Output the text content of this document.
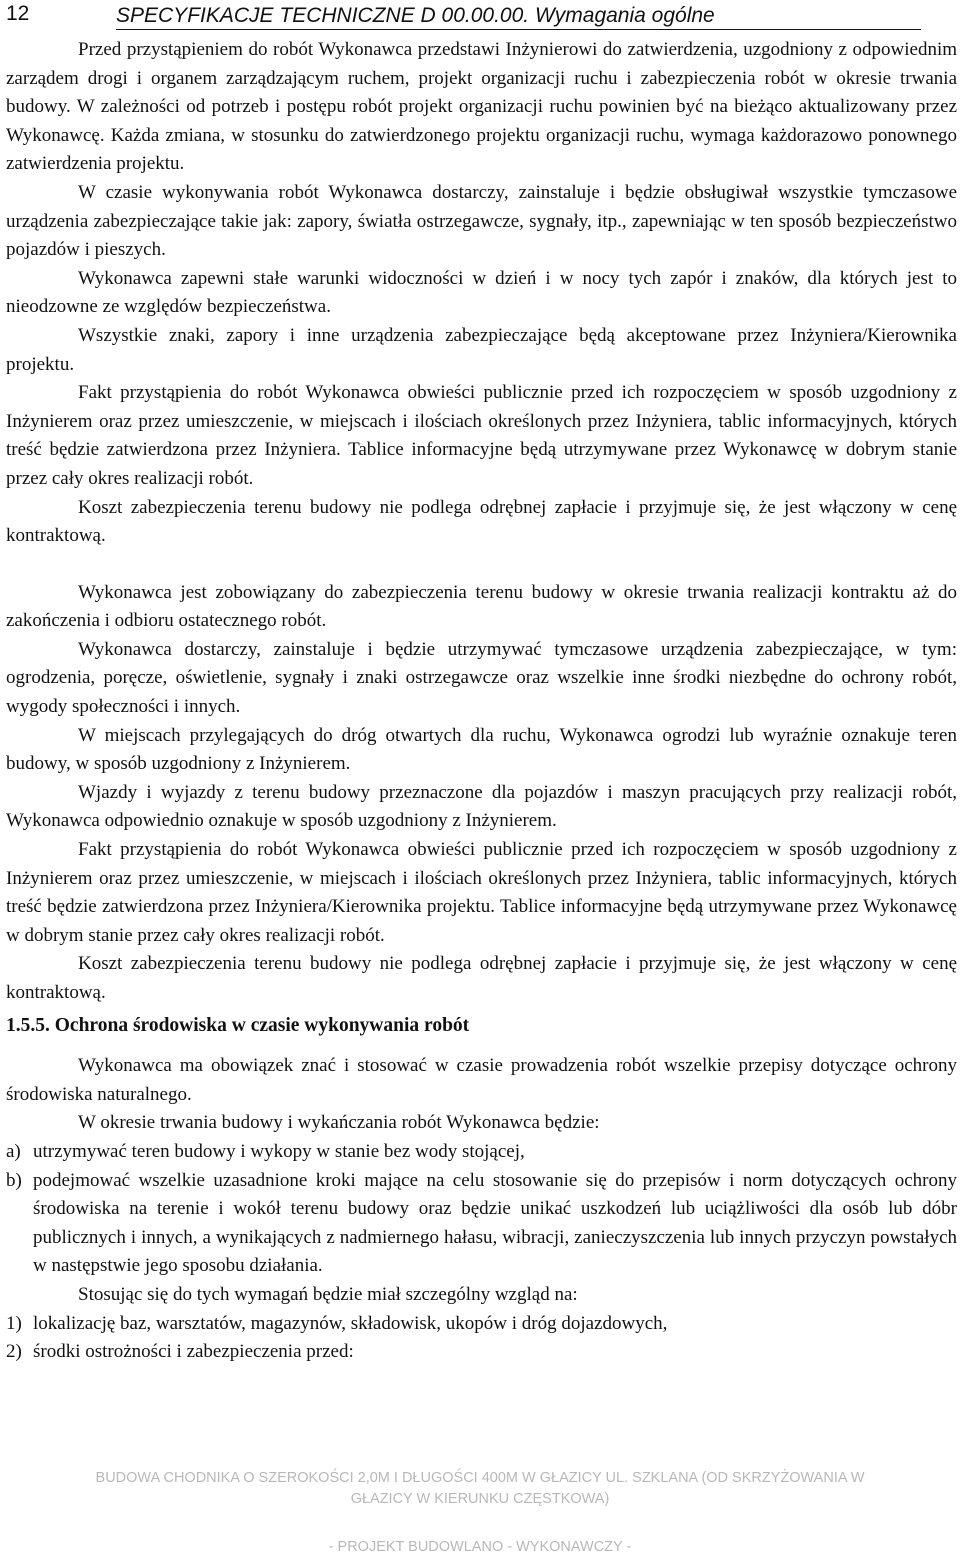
12	SPECYFIKACJE TECHNICZNE D 00.00.00. Wymagania ogólne

Przed przystąpieniem do robót Wykonawca przedstawi Inżynierowi do zatwierdzenia, uzgodniony z odpowiednim zarządem drogi i organem zarządzającym ruchem, projekt organizacji ruchu i zabezpieczenia robót w okresie trwania budowy. W zależności od potrzeb i postępu robót projekt organizacji ruchu powinien być na bieżąco aktualizowany przez Wykonawcę. Każda zmiana, w stosunku do zatwierdzonego projektu organizacji ruchu, wymaga każdorazowo ponownego zatwierdzenia projektu.

W czasie wykonywania robót Wykonawca dostarczy, zainstaluje i będzie obsługiwał wszystkie tymczasowe urządzenia zabezpieczające takie jak: zapory, światła ostrzegawcze, sygnały, itp., zapewniając w ten sposób bezpieczeństwo pojazdów i pieszych.

Wykonawca zapewni stałe warunki widoczności w dzień i w nocy tych zapór i znaków, dla których jest to nieodzowne ze względów bezpieczeństwa.

Wszystkie znaki, zapory i inne urządzenia zabezpieczające będą akceptowane przez Inżyniera/Kierownika projektu.

Fakt przystąpienia do robót Wykonawca obwieści publicznie przed ich rozpoczęciem w sposób uzgodniony z Inżynierem oraz przez umieszczenie, w miejscach i ilościach określonych przez Inżyniera, tablic informacyjnych, których treść będzie zatwierdzona przez Inżyniera. Tablice informacyjne będą utrzymywane przez Wykonawcę w dobrym stanie przez cały okres realizacji robót.

Koszt zabezpieczenia terenu budowy nie podlega odrębnej zapłacie i przyjmuje się, że jest włączony w cenę kontraktową.

Wykonawca jest zobowiązany do zabezpieczenia terenu budowy w okresie trwania realizacji kontraktu aż do zakończenia i odbioru ostatecznego robót.

Wykonawca dostarczy, zainstaluje i będzie utrzymywać tymczasowe urządzenia zabezpieczające, w tym: ogrodzenia, poręcze, oświetlenie, sygnały i znaki ostrzegawcze oraz wszelkie inne środki niezbędne do ochrony robót, wygody społeczności i innych.

W miejscach przylegających do dróg otwartych dla ruchu, Wykonawca ogrodzi lub wyraźnie oznakuje teren budowy, w sposób uzgodniony z Inżynierem.

Wjazdy i wyjazdy z terenu budowy przeznaczone dla pojazdów i maszyn pracujących przy realizacji robót, Wykonawca odpowiednio oznakuje w sposób uzgodniony z Inżynierem.

Fakt przystąpienia do robót Wykonawca obwieści publicznie przed ich rozpoczęciem w sposób uzgodniony z Inżynierem oraz przez umieszczenie, w miejscach i ilościach określonych przez Inżyniera, tablic informacyjnych, których treść będzie zatwierdzona przez Inżyniera/Kierownika projektu. Tablice informacyjne będą utrzymywane przez Wykonawcę w dobrym stanie przez cały okres realizacji robót.

Koszt zabezpieczenia terenu budowy nie podlega odrębnej zapłacie i przyjmuje się, że jest włączony w cenę kontraktową.

1.5.5. Ochrona środowiska w czasie wykonywania robót

Wykonawca ma obowiązek znać i stosować w czasie prowadzenia robót wszelkie przepisy dotyczące ochrony środowiska naturalnego.

W okresie trwania budowy i wykańczania robót Wykonawca będzie:

a) utrzymywać teren budowy i wykopy w stanie bez wody stojącej,
b) podejmować wszelkie uzasadnione kroki mające na celu stosowanie się do przepisów i norm dotyczących ochrony środowiska na terenie i wokół terenu budowy oraz będzie unikać uszkodzeń lub uciążliwości dla osób lub dóbr publicznych i innych, a wynikających z nadmiernego hałasu, wibracji, zanieczyszczenia lub innych przyczyn powstałych w następstwie jego sposobu działania.

Stosując się do tych wymagań będzie miał szczególny wzgląd na:

1) lokalizację baz, warsztatów, magazynów, składowisk, ukopów i dróg dojazdowych,
2) środki ostrożności i zabezpieczenia przed:
BUDOWA CHODNIKA O SZEROKOŚCI 2,0M I DŁUGOŚCI 400M W GŁAZICY UL. SZKLANA (OD SKRZYŻOWANIA W
GŁAZICY W KIERUNKU CZĘSTKOWA)
- PROJEKT BUDOWLANO - WYKONAWCZY -
